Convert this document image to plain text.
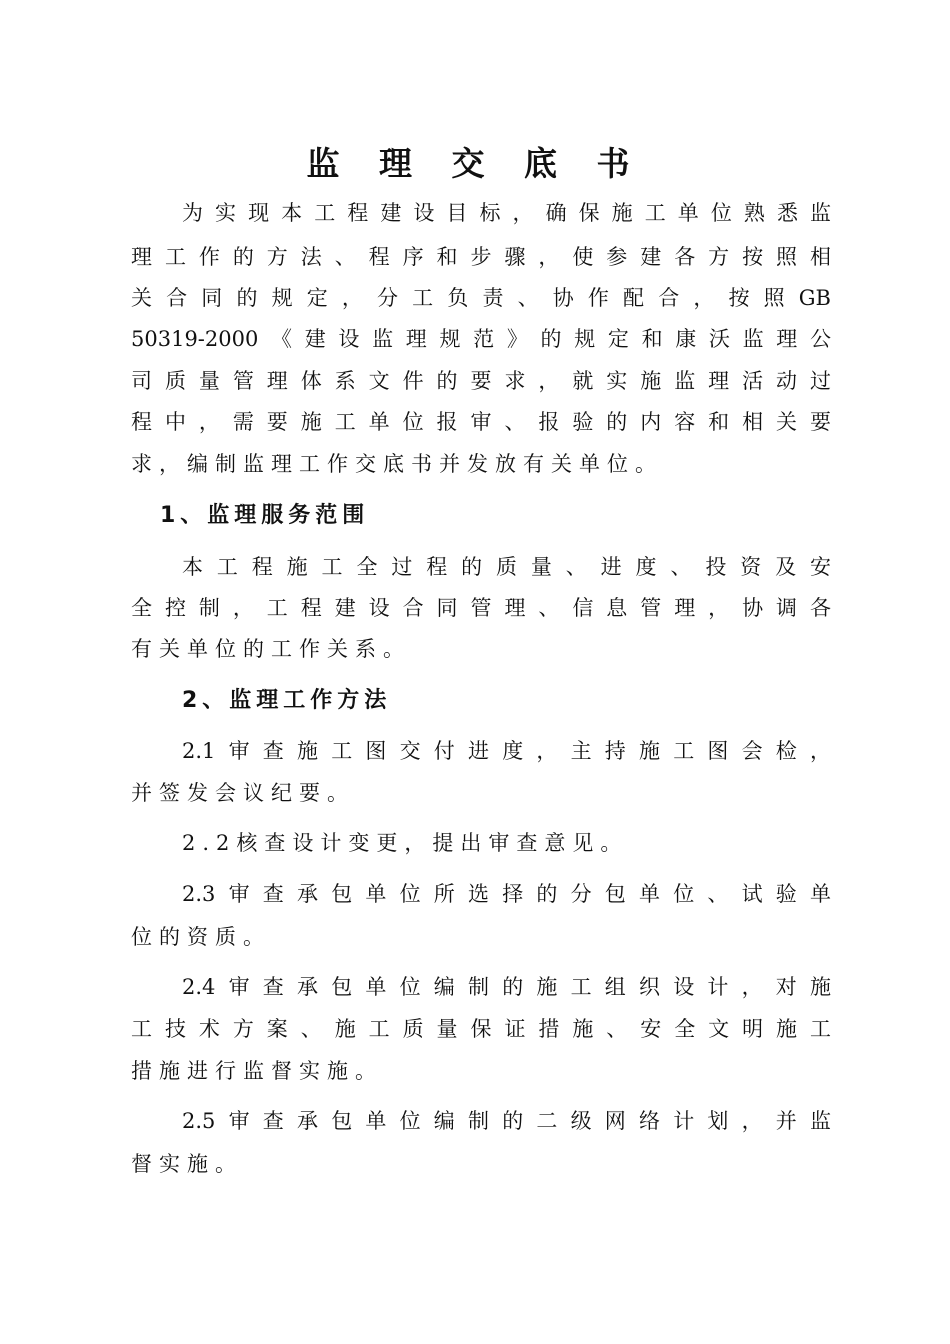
监 理 交 底 书
为实现本工程建设目标，确保施工单位熟悉监
理工作的方法、程序和步骤，使参建各方按照相
关合同的规定，分工负责、协作配合，按照GB
50319-2000《建设监理规范》的规定和康沃监理公
司质量管理体系文件的要求，就实施监理活动过
程中，需要施工单位报审、报验的内容和相关要
求，编制监理工作交底书并发放有关单位。
1、监理服务范围
本工程施工全过程的质量、进度、投资及安
全控制，工程建设合同管理、信息管理，协调各
有关单位的工作关系。
2、监理工作方法
2.1审查施工图交付进度，主持施工图会检，
并签发会议纪要。
2.2核查设计变更，提出审查意见。
2.3审查承包单位所选择的分包单位、试验单
位的资质。
2.4审查承包单位编制的施工组织设计，对施
工技术方案、施工质量保证措施、安全文明施工
措施进行监督实施。
2.5审查承包单位编制的二级网络计划，并监
督实施。
